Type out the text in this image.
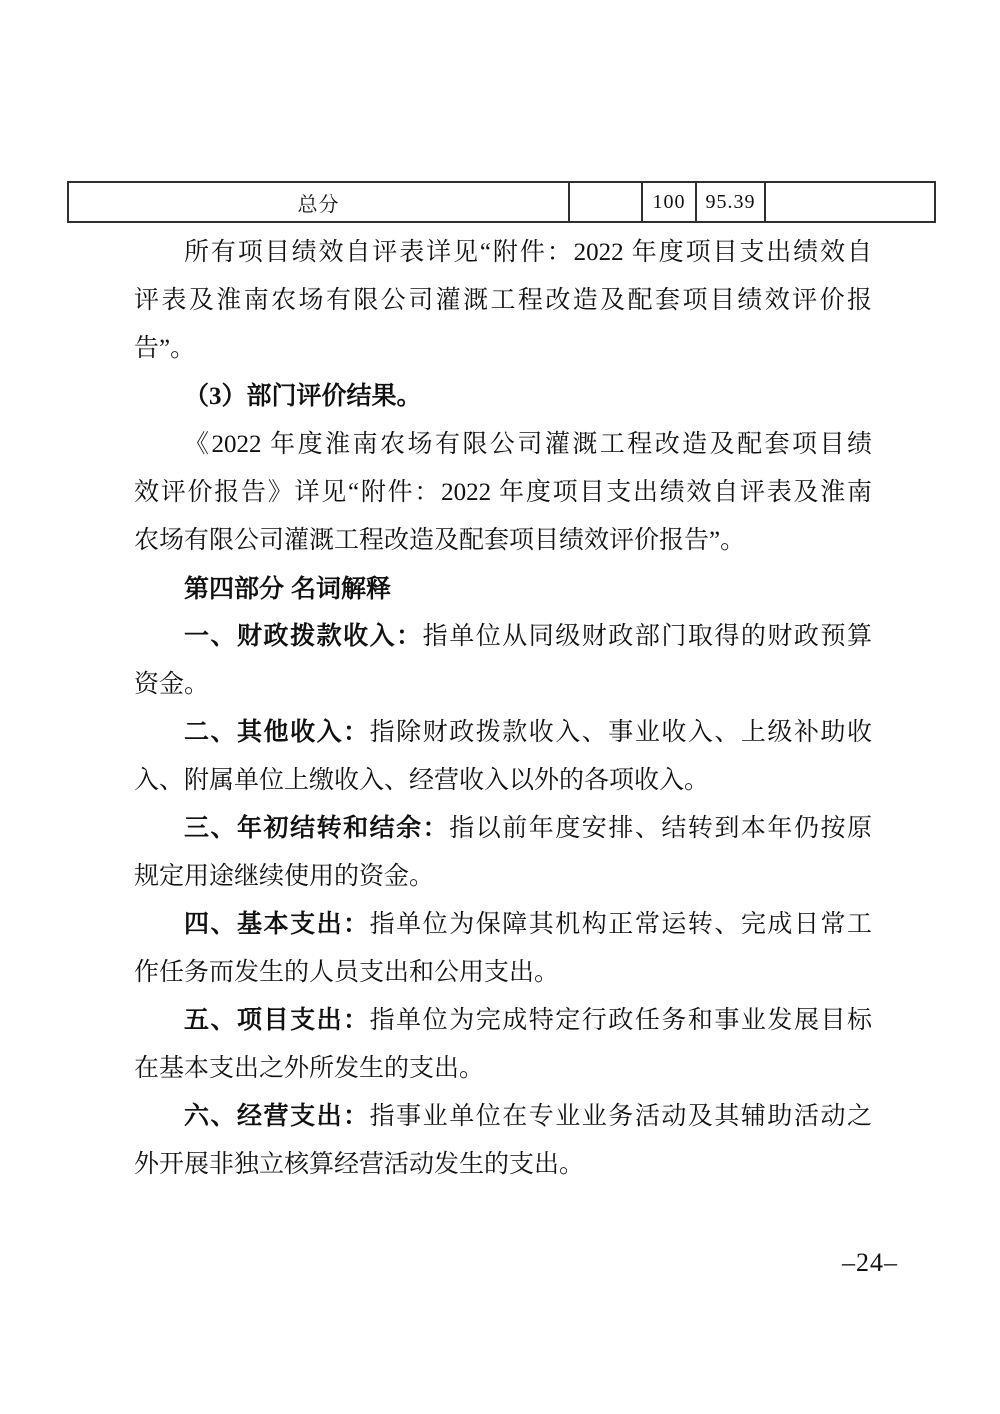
总分	100	95.39
所有项目绩效自评表详见“附件：2022 年度项目支出绩效自
评表及淮南农场有限公司灌溉工程改造及配套项目绩效评价报
告”。
（3）部门评价结果。
《2022 年度淮南农场有限公司灌溉工程改造及配套项目绩
效评价报告》详见“附件：2022 年度项目支出绩效自评表及淮南
农场有限公司灌溉工程改造及配套项目绩效评价报告”。
第四部分 名词解释
一、财政拨款收入：指单位从同级财政部门取得的财政预算
资金。
二、其他收入：指除财政拨款收入、事业收入、上级补助收
入、附属单位上缴收入、经营收入以外的各项收入。
三、年初结转和结余：指以前年度安排、结转到本年仍按原
规定用途继续使用的资金。
四、基本支出：指单位为保障其机构正常运转、完成日常工
作任务而发生的人员支出和公用支出。
五、项目支出：指单位为完成特定行政任务和事业发展目标
在基本支出之外所发生的支出。
六、经营支出：指事业单位在专业业务活动及其辅助活动之
外开展非独立核算经营活动发生的支出。
–24–
